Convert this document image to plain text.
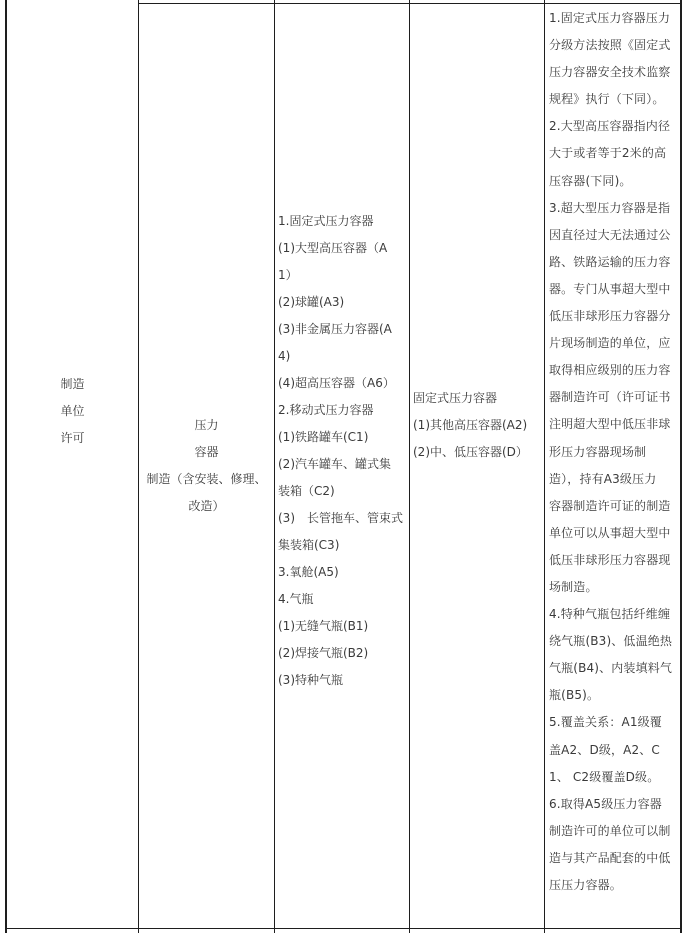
制造
单位
许可
压力
容器
制造（含安装、修理、
改造）
1.固定式压力容器
(1)大型高压容器（A
1）
(2)球罐(A3)
(3)非金属压力容器(A
4)
(4)超高压容器（A6）
2.移动式压力容器
(1)铁路罐车(C1)
(2)汽车罐车、罐式集
装箱（C2)
(3)　长管拖车、管束式
集装箱(C3)
3.氧舱(A5)
4.气瓶
(1)无缝气瓶(B1)
(2)焊接气瓶(B2)
(3)特种气瓶
固定式压力容器
(1)其他高压容器(A2)
(2)中、低压容器(D）
1.固定式压力容器压力
分级方法按照《固定式
压力容器安全技术监察
规程》执行（下同）。
2.大型高压容器指内径
大于或者等于2米的高
压容器(下同)。
3.超大型压力容器是指
因直径过大无法通过公
路、铁路运输的压力容
器。专门从事超大型中
低压非球形压力容器分
片现场制造的单位，应
取得相应级别的压力容
器制造许可（许可证书
注明超大型中低压非球
形压力容器现场制
造），持有A3级压力
容器制造许可证的制造
单位可以从事超大型中
低压非球形压力容器现
场制造。
4.特种气瓶包括纤维缠
绕气瓶(B3)、低温绝热
气瓶(B4)、内装填料气
瓶(B5)。
5.覆盖关系：A1级覆
盖A2、D级，A2、C
1、 C2级覆盖D级。
6.取得A5级压力容器
制造许可的单位可以制
造与其产品配套的中低
压压力容器。
